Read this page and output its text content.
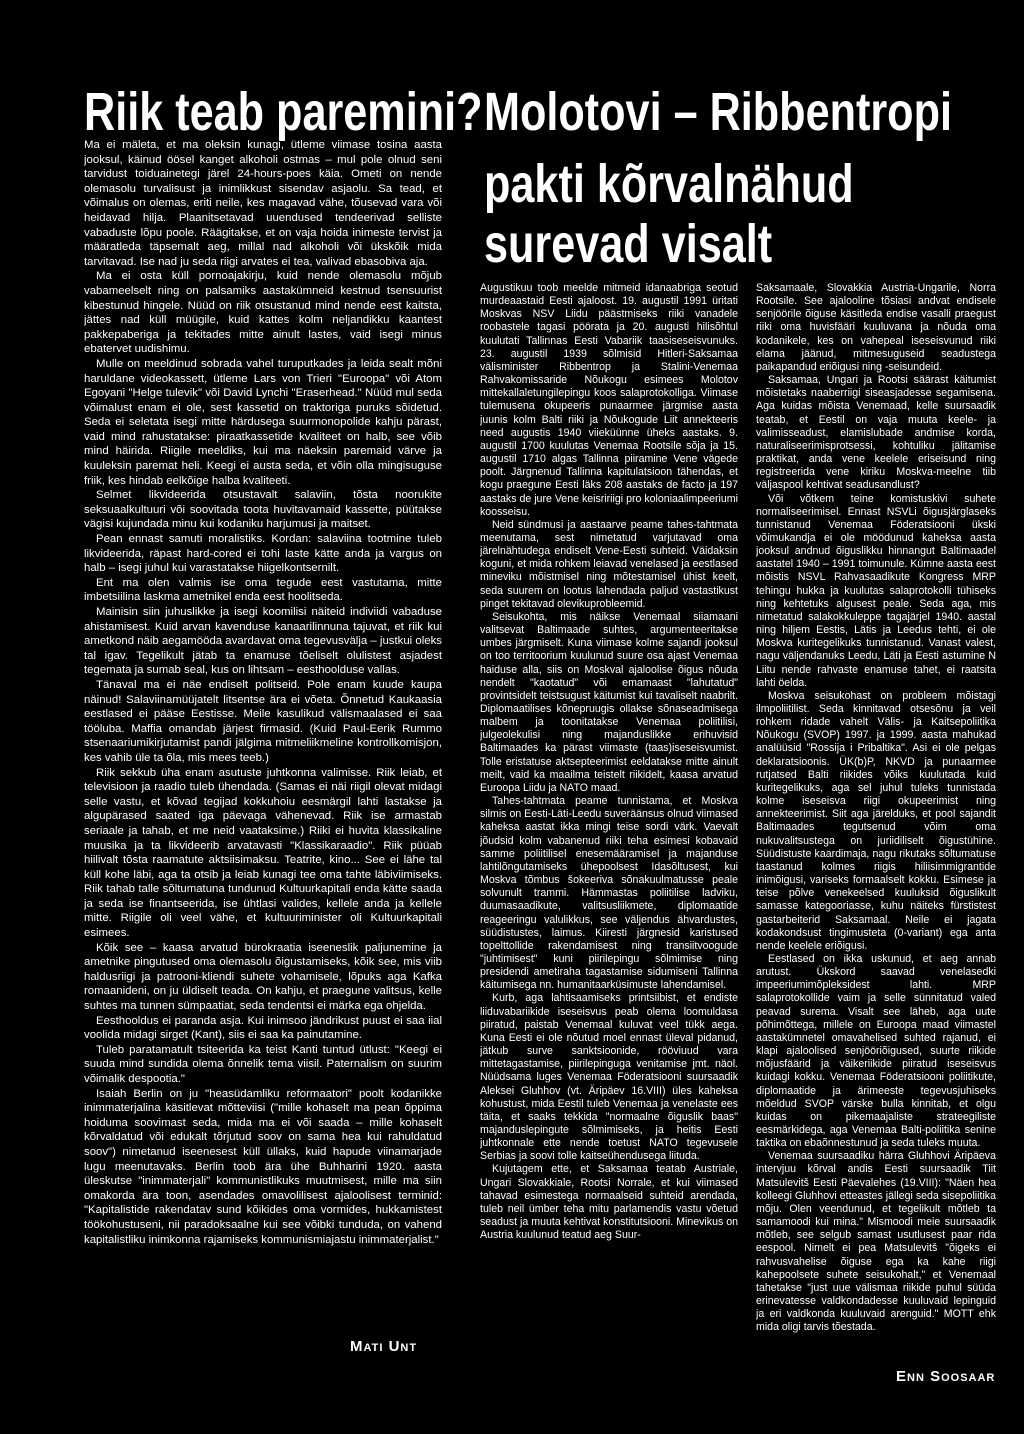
Riik teab paremini? Molotovi – Ribbentropi
pakti kõrvalnähud
surevad visalt

Ma ei mäleta, et ma oleksin kunagi, ütleme viimase tosina aasta jooksul, käinud öösel kanget alkoholi ostmas – mul pole olnud seni tarvidust toiduainetegi järel 24-hours-poes käia. Ometi on nende olemasolu turvalisust ja inimlikkust sisendav asjaolu. Sa tead, et võimalus on olemas, eriti neile, kes magavad vähe, tõusevad vara või heidavad hilja. Plaanitsetavad uuendused tendeerivad selliste vabaduste lõpu poole. Räägitakse, et on vaja hoida inimeste tervist ja määratleda täpsemalt aeg, millal nad alkoholi või ükskõik mida tarvitavad. Ise nad ju seda riigi arvates ei tea, valivad ebasobiva aja.

Ma ei osta küll pornoajakirju, kuid nende olemasolu mõjub vabameelselt ning on palsamiks aastakümneid kestnud tsensuurist kibestunud hingele. Nüüd on riik otsustanud mind nende eest kaitsta, jättes nad küll müügile, kuid kattes kolm neljandikku kaantest pakkepaberiga ja tekitades mitte ainult lastes, vaid isegi minus ebatervet uudishimu.

Mulle on meeldinud sobrada vahel turuputkades ja leida sealt mõni haruldane videokassett, ütleme Lars von Trieri "Euroopa" või Atom Egoyani "Helge tulevik" või David Lynchi "Eraserhead." Nüüd mul seda võimalust enam ei ole, sest kassetid on traktoriga puruks sõidetud. Seda ei seletata isegi mitte härdusega suurmonopolide kahju pärast, vaid mind rahustatakse: piraatkassetide kvaliteet on halb, see võib mind häirida. Riigile meeldiks, kui ma näeksin paremaid värve ja kuuleksin paremat heli. Keegi ei austa seda, et võin olla mingisuguse friik, kes hindab eelkõige halba kvaliteeti.

Selmet likvideerida otsustavalt salaviin, tõsta noorukite seksuaalkultuuri või soovitada toota huvitavamaid kassette, püütakse vägisi kujundada minu kui kodaniku harjumusi ja maitset.

Pean ennast samuti moralistiks. Kordan: salaviina tootmine tuleb likvideerida, räpast hard-cored ei tohi laste kätte anda ja vargus on halb – isegi juhul kui varastatakse hiigelkontsernilt.

Ent ma olen valmis ise oma tegude eest vastutama, mitte imbetsiilina laskma ametnikel enda eest hoolitseda.

Mainisin siin juhuslikke ja isegi koomilisi näiteid indiviidi vabaduse ahistamisest. Kuid arvan kavenduse kanaarilinnuna tajuvat, et riik kui ametkond näib aegamööda avardavat oma tegevusvälja – justkui oleks tal igav. Tegelikult jätab ta enamuse tõeliselt olulistest asjadest tegemata ja sumab seal, kus on lihtsam – eesthoolduse vallas.

Tänaval ma ei näe endiselt politseid. Pole enam kuude kaupa näinud! Salaviinamüüjatelt litsentse ära ei võeta. Õnnetud Kaukaasia eestlased ei pääse Eestisse. Meile kasulikud välismaalased ei saa tööluba. Maffia omandab järjest firmasid. (Kuid Paul-Eerik Rummo stsenaariumikirjutamist pandi jälgima mitmeliikmeline kontrollkomisjon, kes vahib üle ta õla, mis mees teeb.)

Riik sekkub üha enam asutuste juhtkonna valimisse. Riik leiab, et televisioon ja raadio tuleb ühendada. (Samas ei näi riigil olevat midagi selle vastu, et kõvad tegijad kokkuhoiu eesmärgil lahti lastakse ja algupärased saated iga päevaga vähenevad. Riik ise armastab seriaale ja tahab, et me neid vaataksime.) Riiki ei huvita klassikaline muusika ja ta likvideerib arvatavasti "Klassikaraadio". Riik püüab hiilivalt tõsta raamatute aktsiisimaksu. Teatrite, kino... See ei lähe tal küll kohe läbi, aga ta otsib ja leiab kunagi tee oma tahte läbiviimiseks. Riik tahab talle sõltumatuna tundunud Kultuurkapitali enda kätte saada ja seda ise finantseerida, ise ühtlasi valides, kellele anda ja kellele mitte. Riigile oli veel vähe, et kultuuriminister oli Kultuurkapitali esimees.

Kõik see – kaasa arvatud bürokraatia iseeneslik paljunemine ja ametnike pingutused oma olemasolu õigustamiseks, kõik see, mis viib haldusriigi ja patrooni-kliendi suhete vohamisele, lõpuks aga Kafka romaanideni, on ju üldiselt teada. On kahju, et praegune valitsus, kelle suhtes ma tunnen sümpaatiat, seda tendentsi ei märka ega ohjelda.

Eesthooldus ei paranda asja. Kui inimsoo jändrikust puust ei saa iial voolida midagi sirget (Kant), siis ei saa ka painutamine.

Tuleb paratamatult tsiteerida ka teist Kanti tuntud ütlust: "Keegi ei suuda mind sundida olema õnnelik tema viisil. Paternalism on suurim võimalik despootia."

Isaiah Berlin on ju "heasüdamliku reformaatori" poolt kodanikke inimmaterjalina käsitlevat mõtteviisi ("mille kohaselt ma pean õppima hoiduma soovimast seda, mida ma ei või saada – mille kohaselt kõrvaldatud või edukalt tõrjutud soov on sama hea kui rahuldatud soov") nimetanud iseenesest küll üllaks, kuid hapude viinamarjade lugu meenutavaks. Berlin toob ära ühe Buhharini 1920. aasta üleskutse "inimmaterjali" kommunistlikuks muutmisest, mille ma siin omakorda ära toon, asendades omavolilisest ajaloolisest terminid: "Kapitalistide rakendatav sund kõikides oma vormides, hukkamistest töökohustuseni, nii paradoksaalne kui see võibki tunduda, on vahend kapitalistliku inimkonna rajamiseks kommunismiajastu inimmaterjalist."

MATI UNT

Augustikuu toob meelde mitmeid idanaabriga seotud murdeaastaid Eesti ajaloost. 19. augustil 1991 üritati Moskvas NSV Liidu päästmiseks riiki vanadele roobastele tagasi pöörata ja 20. augusti hilisõhtul kuulutati Tallinnas Eesti Vabariik taasiseseisvunuks. 23. augustil 1939 sõlmisid Hitleri-Saksamaa välisminister Ribbentrop ja Stalini-Venemaa Rahvakomissaride Nõukogu esimees Molotov mittekallaletungilepingu koos salaprotokolliga. Viimase tulemusena okupeeris punaarmee järgmise aasta juunis kolm Balti riiki ja Nõukogude Liit annekteeris need augustis 1940 viieküünne üheks aastaks. 9. augustil 1700 kuulutas Venemaa Rootsile sõja ja 15. augustil 1710 algas Tallinna piiramine Vene vägede poolt. Järgnenud Tallinna kapitulatsioon tähendas, et kogu praegune Eesti läks 208 aastaks de facto ja 197 aastaks de jure Vene keisririigi pro koloniaalimpeeriumi koosseisu.

Neid sündmusi ja aastaarve peame tahes-tahtmata meenutama, sest nimetatud varjutavad oma järelnähtudega endiselt Vene-Eesti suhteid. Väidaksin koguni, et mida rohkem leiavad venelased ja eestlased mineviku mõistmisel ning mõtestamisel ühist keelt, seda suurem on lootus lahendada paljud vastastikust pinget tekitavad olevikuprobleemid.

Seisukohta, mis näikse Venemaal siiamaani valitsevat Baltimaade suhtes, argumenteeritakse umbes järgmiselt. Kuna viimase kolme sajandi jooksul on too territoorium kuulunud suure osa ajast Venemaa haiduse alla, siis on Moskval ajaloolise õigus nõuda nendelt "kaotatud" või emamaast "lahutatud" provintsidelt teistsugust käitumist kui tavaliselt naabrilt. Diplomaatilises kõnepruugis ollakse sõnaseadmisega malbem ja toonitatakse Venemaa poliitilisi, julgeolekulisi ning majanduslikke erihuvisid Baltimaades ka pärast viimaste (taas)iseseisvumist. Tolle eristatuse aktsepteerimist eeldatakse mitte ainult meilt, vaid ka maailma teistelt riikidelt, kaasa arvatud Euroopa Liidu ja NATO maad.

Tahes-tahtmata peame tunnistama, et Moskva silmis on Eesti-Läti-Leedu suveräänsus olnud viimased kaheksa aastat ikka mingi teise sordi värk. Vaevalt jõudsid kolm vabanenud riiki teha esimesi kobavaid samme poliitilisel enesemääramisel ja majanduse lahtilõngutamiseks ühepoolsest Idasõltusest, kui Moskva tõmbus šokeeriva sõnakuulmatusse peale solvunult trammi. Hämmastas poliitilise ladviku, duumasaadikute, valitsusliikmete, diplomaatide reageeringu valulikkus, see väljendus ähvardustes, süüdistustes, laimus. Kiiresti järgnesid karistused topelttollide rakendamisest ning transiitvoogude "juhtimisest" kuni piirilepingu sõlmimise ning presidendi ametiraha tagastamise sidumiseni Tallinna käitumisega nn. humanitaarküsimuste lahendamisel.

Kurb, aga lahtisaamiseks printsiibist, et endiste liiduvabariikide iseseisvus peab olema loomuldasa piiratud, paistab Venemaal kuluvat veel tükk aega. Kuna Eesti ei ole nõutud moel ennast üleval pidanud, jätkub surve sanktsioonide, rööviuud vara mittetagastamise, piirilepinguga venitamise jmt. näol. Nüüdsama luges Venemaa Föderatsiooni suursaadik Aleksei Gluhhov (vt. Äripäev 16.VIII) üles kaheksa kohustust, mida Eestil tuleb Venemaa ja venelaste ees täita, et saaks tekkida "normaalne õiguslik baas" majanduslepingute sõlmimiseks, ja heitis Eesti juhtkonnale ette nende toetust NATO tegevusele Serbias ja soovi tolle kaitseühendusega liituda.

Kujutagem ette, et Saksamaa teatab Austriale, Ungari Slovakkiale, Rootsi Norrale, et kui viimased tahavad esimestega normaalseid suhteid arendada, tuleb neil ümber teha mitu parlamendis vastu võetud seadust ja muuta kehtivat konstitutsiooni. Minevikus on Austria kuulunud teatud aeg Suur-

Saksamaale, Slovakkia Austria-Ungarile, Norra Rootsile. See ajalooline tõsiasi andvat endisele senjöörile õiguse käsitleda endise vasalli praegust riiki oma huvisfääri kuuluvana ja nõuda oma kodanikele, kes on vahepeal iseseisvunud riiki elama jäänud, mitmesuguseid seadustega paikapandud eriõigusi ning -seisundeid.

Saksamaa, Ungari ja Rootsi säärast käitumist mõistetaks naaberriigi siseasjadesse segamisena. Aga kuidas mõista Venemaad, kelle suursaadik teatab, et Eestil on vaja muuta keele- ja valimisseadust, elamislubade andmise korda, naturaliseerimisprotsessi, kohtuliku jälitamise praktikat, anda vene keelele eriseisund ning registreerida vene kiriku Moskva-meelne tiib väljaspool kehtivat seadusandlust?

Või võtkem teine komistuskivi suhete normaliseerimisel. Ennast NSVLi õigusjärglaseks tunnistanud Venemaa Föderatsiooni ükski võimukandja ei ole möödunud kaheksa aasta jooksul andnud õiguslikku hinnangut Baltimaadel aastatel 1940 – 1991 toimunule. Kümne aasta eest mõistis NSVL Rahvasaadikute Kongress MRP tehingu hukka ja kuulutas salaprotokolli tühiseks ning kehtetuks algusest peale. Seda aga, mis nimetatud salakokkuleppe tagajärjel 1940. aastal ning hiljem Eestis, Lätis ja Leedus tehti, ei ole Moskva kuritegelikuks tunnistanud. Vanast valest, nagu väljendanuks Leedu, Läti ja Eesti astumine N Liitu nende rahvaste enamuse tahet, ei raatsita lahti öelda.

Moskva seisukohast on probleem mõistagi ilmpoliitilist. Seda kinnitavad otsesõnu ja veil rohkem ridade vahelt Välis- ja Kaitsepoliitika Nõukogu (SVOP) 1997. ja 1999. aasta mahukad analüüsid "Rossija i Pribaltika". Asi ei ole pelgas deklaratsioonis. ÜK(b)P, NKVD ja punaarmee rutjatsed Balti riikides võiks kuulutada kuid kuritegelikuks, aga sel juhul tuleks tunnistada kolme iseseisva riigi okupeerimist ning annekteerimist. Siit aga järelduks, et pool sajandit Baltimaades tegutsenud võim oma nukuvalitsustega on juriidiliselt õigustühine. Süüdistuste kaardimaja, nagu rikutaks sõltumatuse taastanud kolmes riigis hiliisimmigrantide inimõigusi, variseks formaalselt kokku. Esimese ja teise põlve venekeelsed kuuluksid õiguslikult samasse kategooriasse, kuhu näiteks fürstistest gastarbeiterid Saksamaal. Neile ei jagata kodakondsust tingimusteta (0-variant) ega anta nende keelele eriõigusi.

Eestlased on ikka uskunud, et aeg annab arutust. Ükskord saavad venelasedki impeeriumimõpleksidest lahti. MRP salaprotokollide vaim ja selle sünnitatud valed peavad surema. Visalt see läheb, aga uute põhimõttega, millele on Euroopa maad viimastel aastakümnetel omavahelised suhted rajanud, ei klapi ajaloolised senjööriõigused, suurte riikide mõjusfäärid ja väikeriikide piiratud iseseisvus kuidagi kokku. Venemaa Föderatsiooni poliitikute, diplomaatide ja ärimeeste tegevusjuhiseks mõeldud SVOP värske bulla kinnitab, et olgu kuidas on pikemaajaliste strateegiliste eesmärkidega, aga Venemaa Balti-poliitika senine taktika on ebaõnnestunud ja seda tuleks muuta.

Venemaa suursaadiku härra Gluhhovi Äripäeva intervjuu kõrval andis Eesti suursaadik Tiit Matsulevitš Eesti Päevalehes (19.VIII): "Näen hea kolleegi Gluhhovi etteastes jällegi seda sisepoliitika mõju. Olen veendunud, et tegelikult mõtleb ta samamoodi kui mina." Mismoodi meie suursaadik mõtleb, see selgub samast usutlusest paar rida eespool. Nimelt ei pea Matsulevitš "õigeks ei rahvusvahelise õiguse ega ka kahe riigi kahepoolsete suhete seisukohalt," et Venemaal tahetakse "just uue välismaa riikide puhul süüda erinevatesse valdkondadesse kuuluvaid lepinguid ja eri valdkonda kuuluvaid arenguid." MOTT ehk mida oligi tarvis tõestada.

ENN SOOSAAR
